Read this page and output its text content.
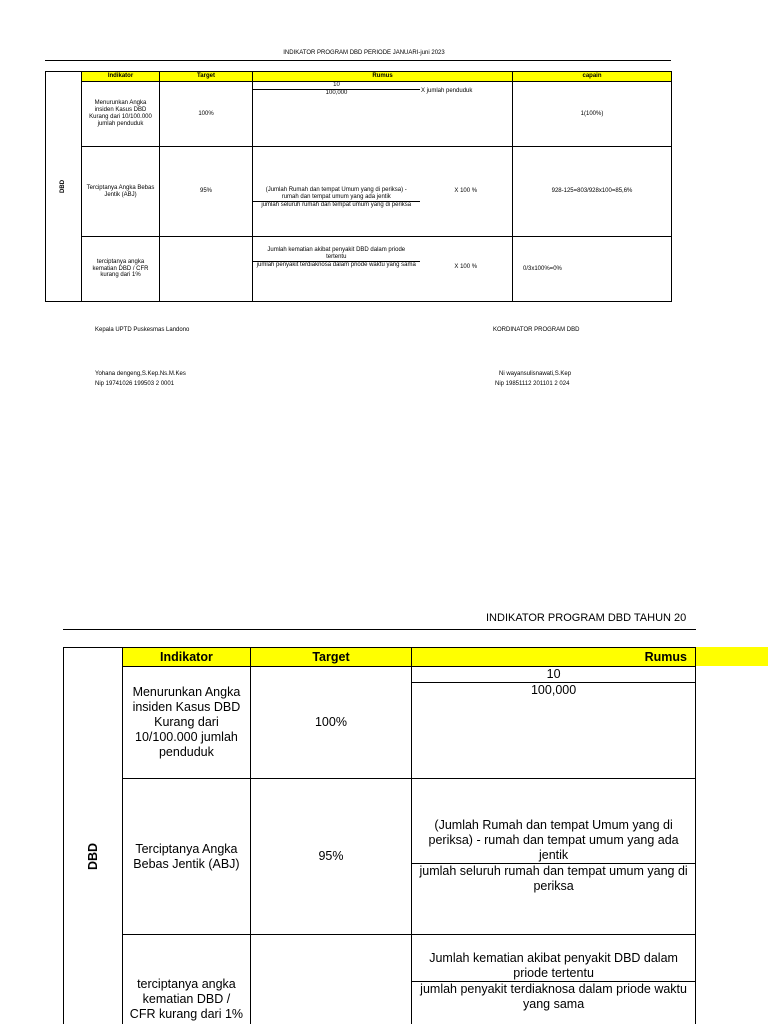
INDIKATOR PROGRAM DBD PERIODE JANUARI-juni 2023
DBD	Indikator	Target	Rumus		capain
	Menurunkan Angka insiden Kasus DBD Kurang dari 10/100.000 jumlah penduduk	100%	10
100,000 X jumlah penduduk		1(100%)
	Terciptanya Angka Bebas Jentik (ABJ)	95%	(Jumlah Rumah dan tempat Umum yang di periksa) - rumah dan tempat umum yang ada jentik
jumlah seluruh rumah dan tempat umum yang di periksa	X 100 %	928-125=803/928x100=85,6%
	terciptanya angka kematian DBD / CFR kurang dari 1%		Jumlah kematian akibat penyakit DBD dalam priode tertentu
jumlah penyakit terdiaknosa dalam priode waktu yang sama	X 100 %	0/3x100%=0%
Kepala UPTD Puskesmas Landono
Yohana dengeng,S.Kep.Ns.M.Kes
Nip 19741026 199503 2 0001
KORDINATOR PROGRAM DBD
Ni wayansulisnawati,S.Kep
Nip 19851112 201101 2 024
INDIKATOR PROGRAM DBD TAHUN 20
DBD	Indikator	Target	Rumus
	Menurunkan Angka insiden Kasus DBD Kurang dari 10/100.000 jumlah penduduk	100%	10
100,000

	Terciptanya Angka Bebas Jentik (ABJ)	95%	(Jumlah Rumah dan tempat Umum yang di periksa) - rumah dan tempat umum yang ada jentik
jumlah seluruh rumah dan tempat umum yang di periksa

	terciptanya angka kematian DBD / CFR kurang dari 1%		Jumlah kematian akibat penyakit DBD dalam priode tertentu
jumlah penyakit terdiaknosa dalam priode waktu yang sama
